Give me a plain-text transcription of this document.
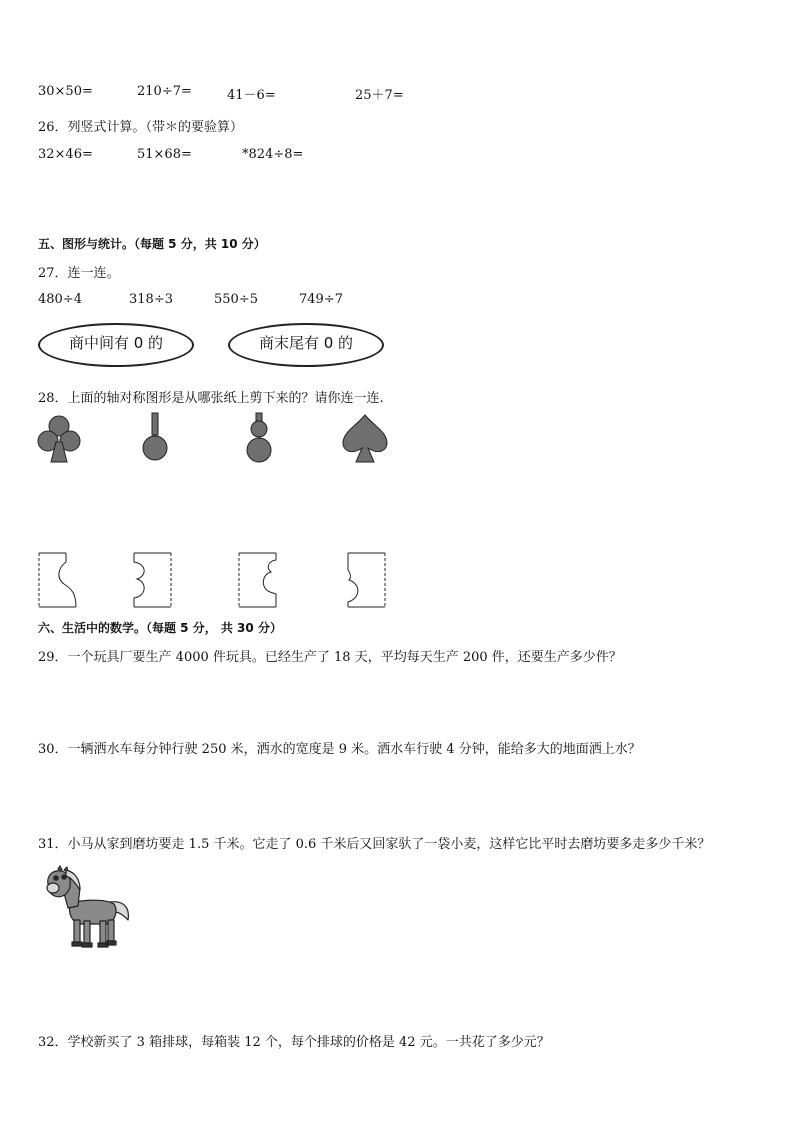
30×50=	210÷7=	41－6=	25＋7=
26．列竖式计算。（带＊的要验算）
32×46=	51×68=	*824÷8=
五、图形与统计。（每题 5 分，共 10 分）
27．连一连。
480÷4	318÷3	550÷5	749÷7
商中间有 0 的	商末尾有 0 的
28．上面的轴对称图形是从哪张纸上剪下来的？请你连一连.
六、生活中的数学。（每题 5 分， 共 30 分）
29．一个玩具厂要生产 4000 件玩具。已经生产了 18 天，平均每天生产 200 件，还要生产多少件？
30．一辆洒水车每分钟行驶 250 米，洒水的宽度是 9 米。洒水车行驶 4 分钟，能给多大的地面洒上水？
31．小马从家到磨坊要走 1.5 千米。它走了 0.6 千米后又回家驮了一袋小麦，这样它比平时去磨坊要多走多少千米？
32．学校新买了 3 箱排球，每箱装 12 个，每个排球的价格是 42 元。一共花了多少元？
